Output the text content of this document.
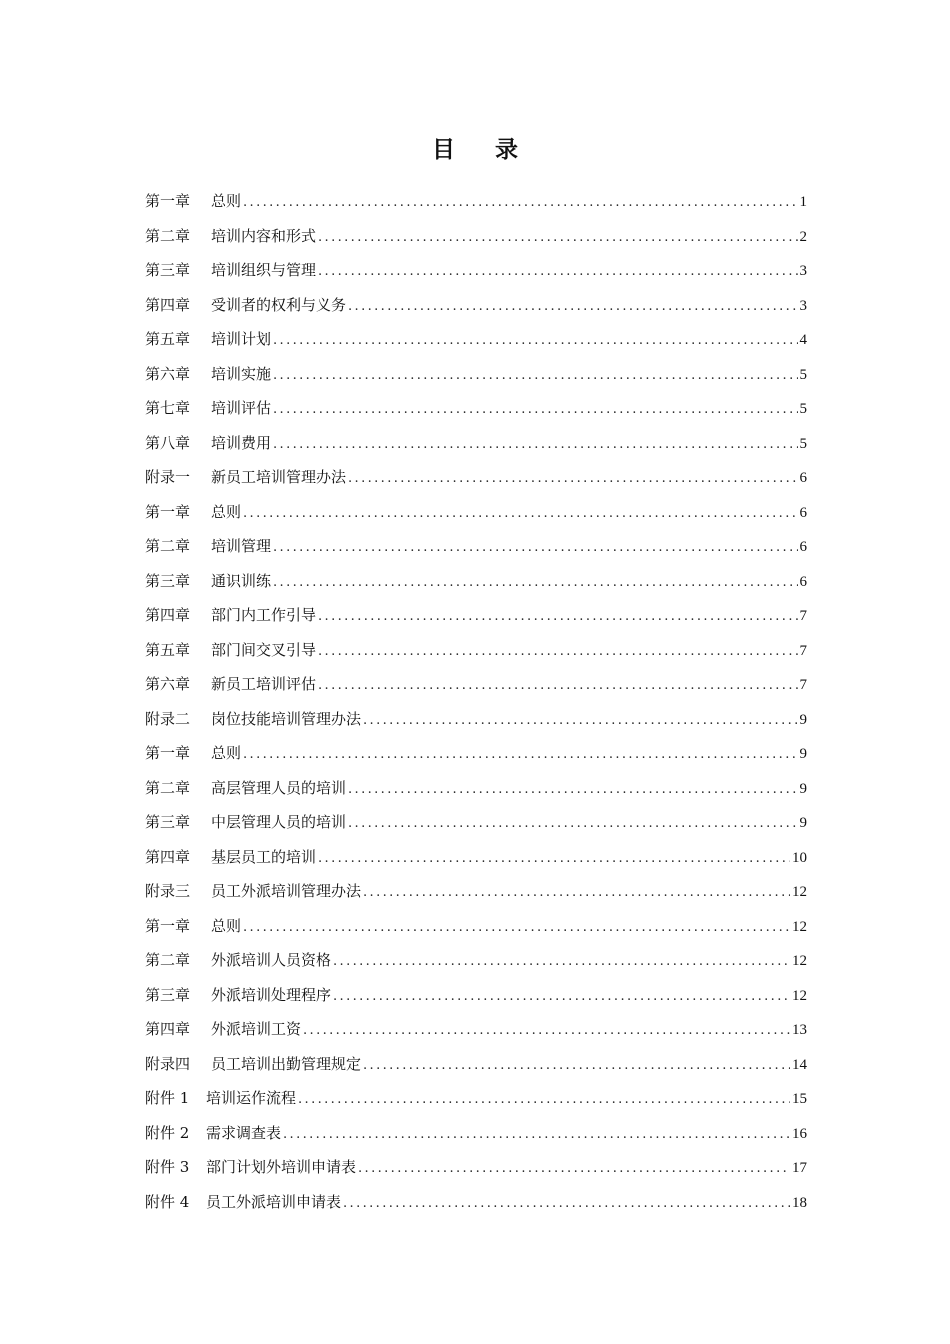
目录
第一章	总则 .....	1
第二章	培训内容和形式 .....	2
第三章	培训组织与管理 .....	3
第四章	受训者的权利与义务 .....	3
第五章	培训计划 .....	4
第六章	培训实施 .....	5
第七章	培训评估 .....	5
第八章	培训费用 .....	5
附录一	新员工培训管理办法 .....	6
第一章	总则 .....	6
第二章	培训管理 .....	6
第三章	通识训练 .....	6
第四章	部门内工作引导 .....	7
第五章	部门间交叉引导 .....	7
第六章	新员工培训评估 .....	7
附录二	岗位技能培训管理办法 .....	9
第一章	总则 .....	9
第二章	高层管理人员的培训 .....	9
第三章	中层管理人员的培训 .....	9
第四章	基层员工的培训 .....	10
附录三	员工外派培训管理办法 .....	12
第一章	总则 .....	12
第二章	外派培训人员资格 .....	12
第三章	外派培训处理程序 .....	12
第四章	外派培训工资 .....	13
附录四	员工培训出勤管理规定 .....	14
附件 1	培训运作流程 .....	15
附件 2	需求调查表 .....	16
附件 3	部门计划外培训申请表 .....	17
附件 4	员工外派培训申请表 .....	18
